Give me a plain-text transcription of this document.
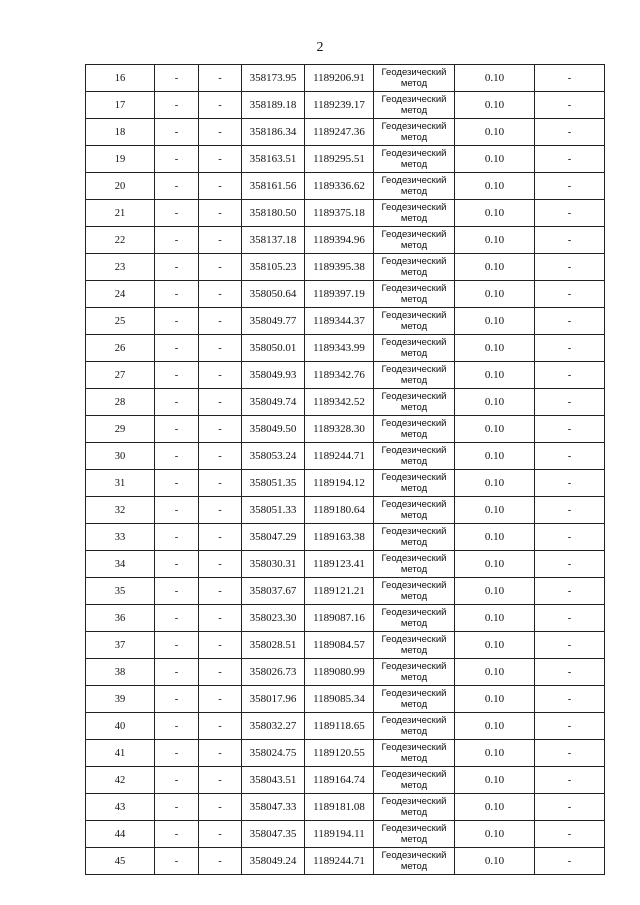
2
16	-	-	358173.95	1189206.91	Геодезический метод	0.10	-
17	-	-	358189.18	1189239.17	Геодезический метод	0.10	-
18	-	-	358186.34	1189247.36	Геодезический метод	0.10	-
19	-	-	358163.51	1189295.51	Геодезический метод	0.10	-
20	-	-	358161.56	1189336.62	Геодезический метод	0.10	-
21	-	-	358180.50	1189375.18	Геодезический метод	0.10	-
22	-	-	358137.18	1189394.96	Геодезический метод	0.10	-
23	-	-	358105.23	1189395.38	Геодезический метод	0.10	-
24	-	-	358050.64	1189397.19	Геодезический метод	0.10	-
25	-	-	358049.77	1189344.37	Геодезический метод	0.10	-
26	-	-	358050.01	1189343.99	Геодезический метод	0.10	-
27	-	-	358049.93	1189342.76	Геодезический метод	0.10	-
28	-	-	358049.74	1189342.52	Геодезический метод	0.10	-
29	-	-	358049.50	1189328.30	Геодезический метод	0.10	-
30	-	-	358053.24	1189244.71	Геодезический метод	0.10	-
31	-	-	358051.35	1189194.12	Геодезический метод	0.10	-
32	-	-	358051.33	1189180.64	Геодезический метод	0.10	-
33	-	-	358047.29	1189163.38	Геодезический метод	0.10	-
34	-	-	358030.31	1189123.41	Геодезический метод	0.10	-
35	-	-	358037.67	1189121.21	Геодезический метод	0.10	-
36	-	-	358023.30	1189087.16	Геодезический метод	0.10	-
37	-	-	358028.51	1189084.57	Геодезический метод	0.10	-
38	-	-	358026.73	1189080.99	Геодезический метод	0.10	-
39	-	-	358017.96	1189085.34	Геодезический метод	0.10	-
40	-	-	358032.27	1189118.65	Геодезический метод	0.10	-
41	-	-	358024.75	1189120.55	Геодезический метод	0.10	-
42	-	-	358043.51	1189164.74	Геодезический метод	0.10	-
43	-	-	358047.33	1189181.08	Геодезический метод	0.10	-
44	-	-	358047.35	1189194.11	Геодезический метод	0.10	-
45	-	-	358049.24	1189244.71	Геодезический метод	0.10	-
